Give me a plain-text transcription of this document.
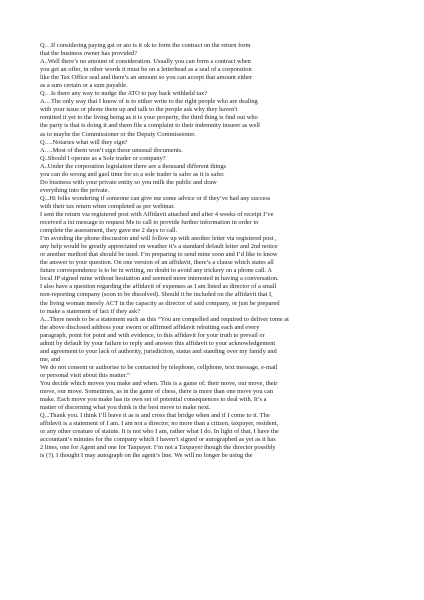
Q…If considering paying gst or ato is it ok to form the contract on the return form
that the business owner has provided?
A..Well there’s no amount of consideration. Usually you can form a contract when
you get an offer, in other words it must be on a letterhead as a seal of a corporation
like the Tax Office seal and there’s an amount so you can accept that amount either
as a sum certain or a sum payable.
Q…Is there any way to nudge the ATO to pay back withheld tax?
A…The only way that I know of is to either write to the right people who are dealing
with your issue or phone them up and talk to the people ask why they haven't
remitted it yet to the living being as it is your property, the third thing is find out who
the party is that is doing it and them file a complaint to their indemnity insurer as well
as to maybe the Commissioner or the Deputy Commissioner.
Q….Notaries what will they sign?
A….Most of them won’t sign these unusual documents.
Q..Should I operate as a Sole trader or company?
A..Under the corporation legislation there are a thousand different things
you can do wrong and gaol time for so a sole trader is safer as it is safer.
Do business with your private entity so you milk the public and draw
everything into the private.
Q...Hi folks wondering if someone can give me some advice or if they’ve had any success
with their tax return when completed as per webinar.
I sent the return via registered post with Affidavit attached and after 4 weeks of receipt I’ve
received a txt message to request Me to call to provide further information in order to
complete the assessment, they gave me 2 days to call.
I’m avoiding the phone discussion and will follow up with another letter via registered post ,
any help would be greatly appreciated on weather it’s a standard default letter and 2nd notice
or another method that should be used. I’m preparing to send mine soon and I’d like to know
the answer to your question. On one version of an affidavit, there’s a clause which states all
future correspondence is to be in writing, no doubt to avoid any trickery on a phone call. A
local JP signed mine without hesitation and seemed more interested in having a conversation.
I also have a question regarding the affidavit of expenses as I am listed as director of a small
non-reporting company (soon to be dissolved). Should it be included on the affidavit that I,
the living woman merely ACT in the capacity as director of said company, or just be prepared
to make a statement of fact if they ask?
A...There needs to be a statement such as this “You are compelled and required to deliver tome at
the above disclosed address your sworn or affirmed affidavit rebutting each and every
paragraph, point for point and with evidence, to this affidavit for your truth to prevail or
admit by default by your failure to reply and answer this affidavit to your acknowledgement
and agreement to your lack of authority, jurisdiction, status and standing over my family and
me, and
We do not consent or authorise to be contacted by telephone, cellphone, text message, e-mail
or personal visit about this matter.”
You decide which moves you make and when. This is a game of; their move, our move, their
move, our move. Sometimes, as in the game of chess, there is more than one move you can
make. Each move you make has its own set of potential consequences to deal with. It’s a
matter of discerning what you think is the best move to make next.
Q...Thank you. I think I’ll leave it as is and cross that bridge when and if I come to it. The
affidavit is a statement of I am. I am not a director, no more than a citizen, taxpayer, resident,
or any other creature of statute. It is not who I am, rather what I do. In light of that, I have the
accountant’s minutes for the company which I haven’t signed or autographed as yet as it has
2 lines, one for Agent and one for Taxpayer. I’m not a Taxpayer though the director possibly
is (?). I thought I may autograph on the agent’s line. We will no longer be using the
